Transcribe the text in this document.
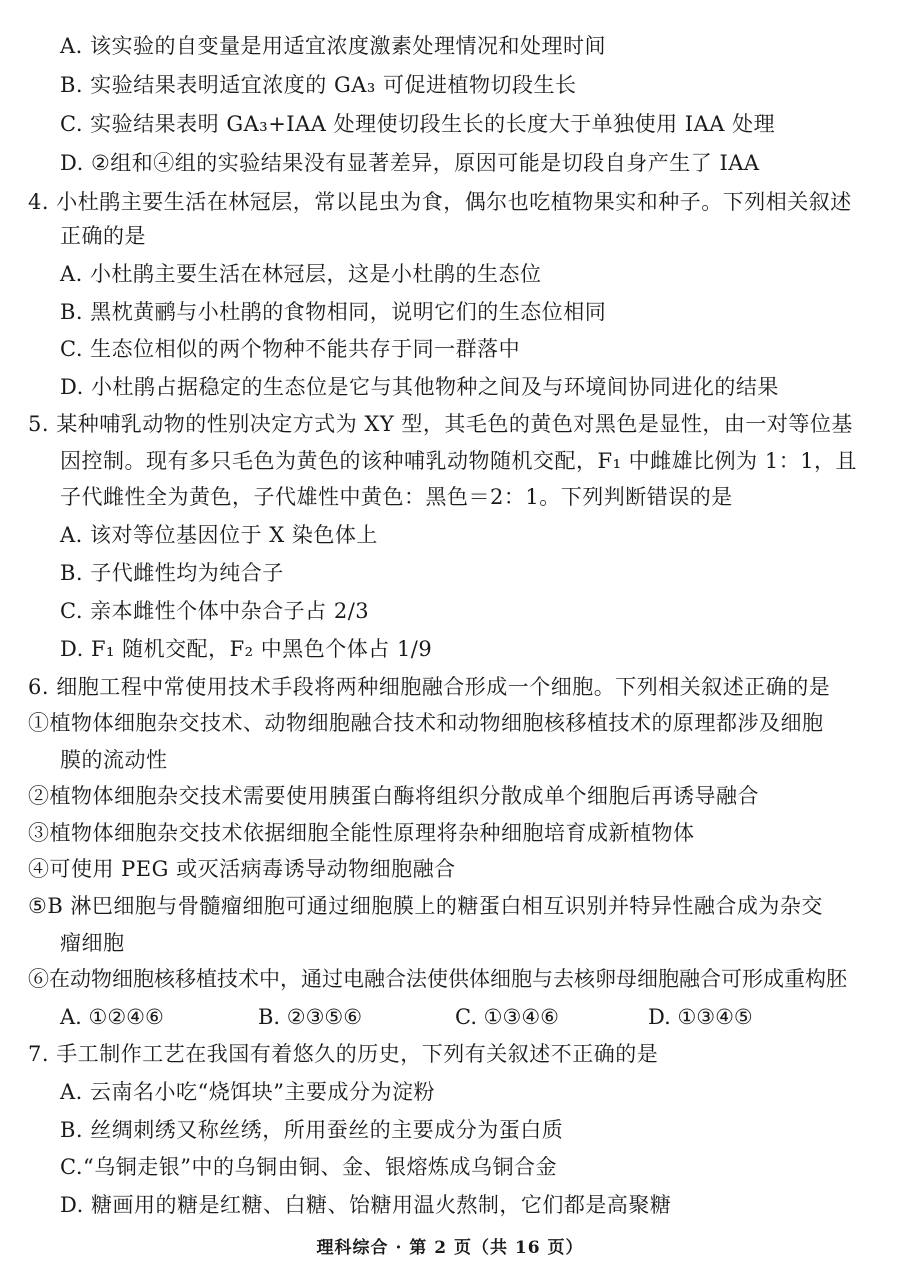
A. 该实验的自变量是用适宜浓度激素处理情况和处理时间
B. 实验结果表明适宜浓度的 GA₃ 可促进植物切段生长
C. 实验结果表明 GA₃+IAA 处理使切段生长的长度大于单独使用 IAA 处理
D. ②组和④组的实验结果没有显著差异，原因可能是切段自身产生了 IAA
4. 小杜鹃主要生活在林冠层，常以昆虫为食，偶尔也吃植物果实和种子。下列相关叙述
正确的是
A. 小杜鹃主要生活在林冠层，这是小杜鹃的生态位
B. 黑枕黄鹂与小杜鹃的食物相同，说明它们的生态位相同
C. 生态位相似的两个物种不能共存于同一群落中
D. 小杜鹃占据稳定的生态位是它与其他物种之间及与环境间协同进化的结果
5. 某种哺乳动物的性别决定方式为 XY 型，其毛色的黄色对黑色是显性，由一对等位基
因控制。现有多只毛色为黄色的该种哺乳动物随机交配，F₁ 中雌雄比例为 1：1，且
子代雌性全为黄色，子代雄性中黄色：黑色＝2：1。下列判断错误的是
A. 该对等位基因位于 X 染色体上
B. 子代雌性均为纯合子
C. 亲本雌性个体中杂合子占 2/3
D. F₁ 随机交配，F₂ 中黑色个体占 1/9
6. 细胞工程中常使用技术手段将两种细胞融合形成一个细胞。下列相关叙述正确的是
①植物体细胞杂交技术、动物细胞融合技术和动物细胞核移植技术的原理都涉及细胞
膜的流动性
②植物体细胞杂交技术需要使用胰蛋白酶将组织分散成单个细胞后再诱导融合
③植物体细胞杂交技术依据细胞全能性原理将杂种细胞培育成新植物体
④可使用 PEG 或灭活病毒诱导动物细胞融合
⑤B 淋巴细胞与骨髓瘤细胞可通过细胞膜上的糖蛋白相互识别并特异性融合成为杂交
瘤细胞
⑥在动物细胞核移植技术中，通过电融合法使供体细胞与去核卵母细胞融合可形成重构胚
A. ①②④⑥	B. ②③⑤⑥	C. ①③④⑥	D. ①③④⑤
7. 手工制作工艺在我国有着悠久的历史，下列有关叙述不正确的是
A. 云南名小吃“烧饵块”主要成分为淀粉
B. 丝绸刺绣又称丝绣，所用蚕丝的主要成分为蛋白质
C.“乌铜走银”中的乌铜由铜、金、银熔炼成乌铜合金
D. 糖画用的糖是红糖、白糖、饴糖用温火熬制，它们都是高聚糖
理科综合 · 第 2 页（共 16 页）
